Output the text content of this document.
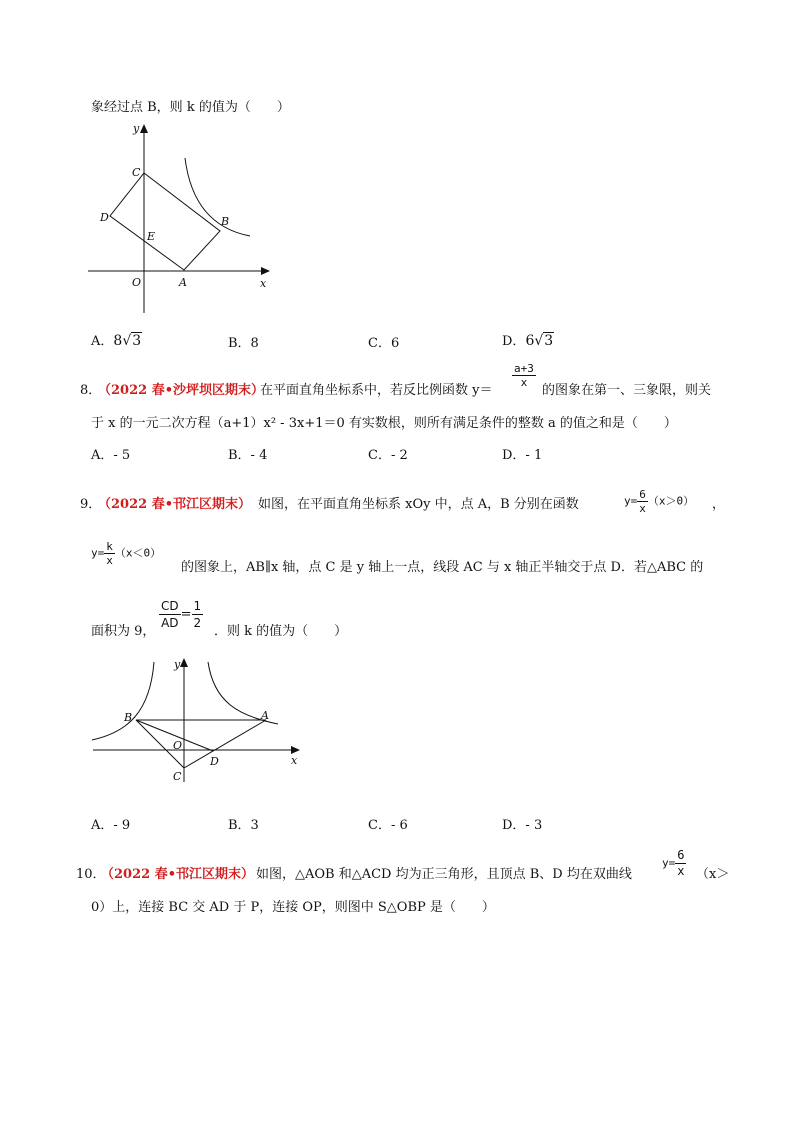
象经过点 B，则 k 的值为（　　）
y
x
C
D
E
B
O	A
A．8√3	B．8	C．6	D．6√3
8．
（2022 春•沙坪坝区期末）
在平面直角坐标系中，若反比例函数 y＝
$\frac{a+3}{x}$
的图象在第一、三象限，则关
于 x 的一元二次方程（a+1）x² - 3x+1＝0 有实数根，则所有满足条件的整数 a 的值之和是（　　）
A．- 5	B．- 4	C．- 2	D．- 1
9．
（2022 春•邗江区期末） 如图，在平面直角坐标系 xOy 中，点 A，B 分别在函数	$y= \frac{6}{x} (x>0)$ ，
$y= \frac{k}{x} (x<0)$
的图象上，AB∥x 轴，点 C 是 y 轴上一点，线段 AC 与 x 轴正半轴交于点 D．若△ABC 的
面积为 9，
$\frac{CD}{AD} = \frac{1}{2}$
．则 k 的值为（　　）
y
x
B	A
O
C
D
A．- 9	B．3	C．- 6	D．- 3
10．
（2022 春•邗江区期末） 如图，△AOB 和△ACD 均为正三角形，且顶点 B、D 均在双曲线
$y= \frac{6}{x} (x>$
0）上，连接 BC 交 AD 于 P，连接 OP，则图中 S△OBP 是（　　）
